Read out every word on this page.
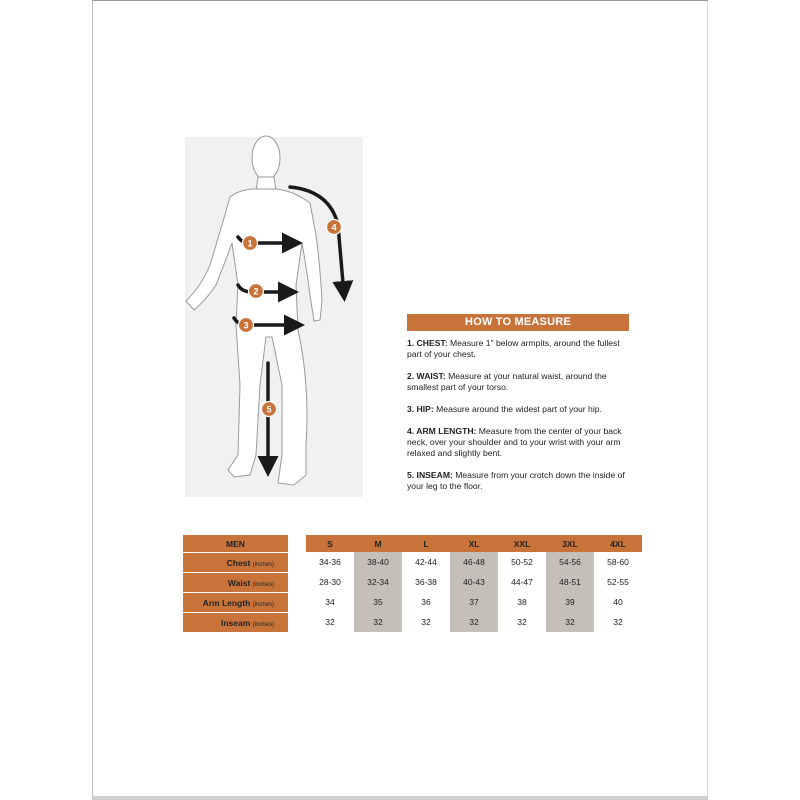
1
2
3
4
5
HOW TO MEASURE
1. CHEST: Measure 1" below armpits, around the fullest part of your chest.
2. WAIST: Measure at your natural waist, around the smallest part of your torso.
3. HIP: Measure around the widest part of your hip.
4. ARM LENGTH: Measure from the center of your back neck, over your shoulder and to your wrist with your arm relaxed and slightly bent.
5. INSEAM: Measure from your crotch down the inside of your leg to the floor.
MEN		S	M	L	XL	XXL	3XL	4XL
Chest (inches)		34-36	38-40	42-44	46-48	50-52	54-56	58-60
Waist (inches)		28-30	32-34	36-38	40-43	44-47	48-51	52-55
Arm Length (inches)		34	35	36	37	38	39	40
Inseam (inches)		32	32	32	32	32	32	32
